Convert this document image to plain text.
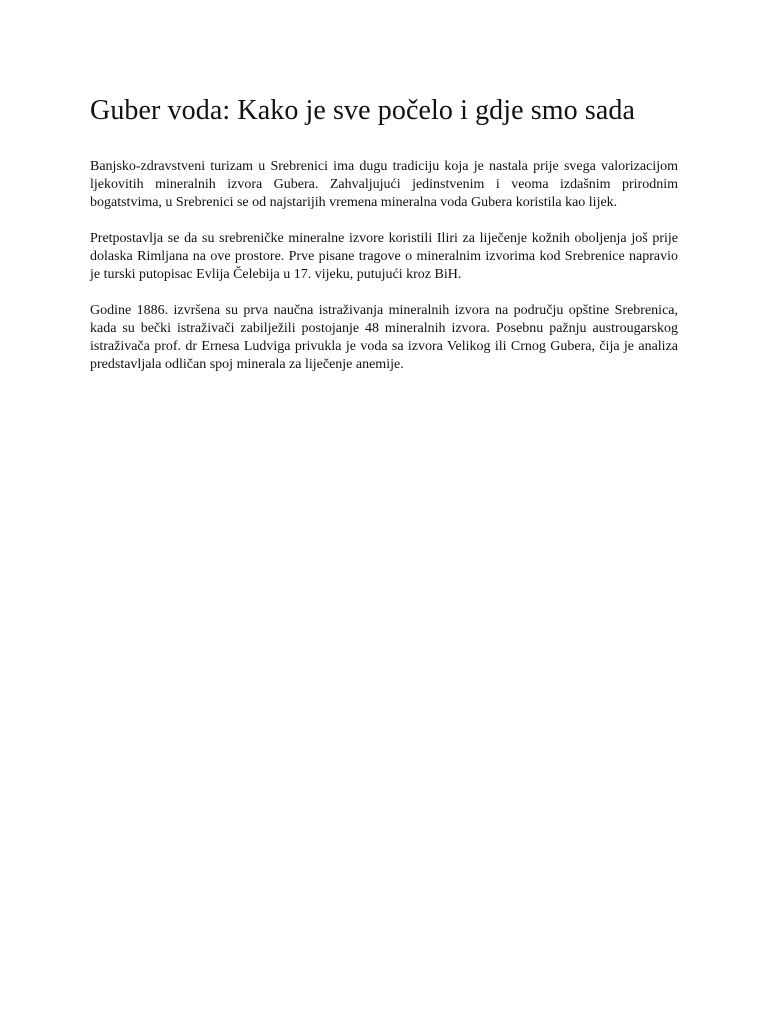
Guber voda: Kako je sve počelo i gdje smo sada

Banjsko-zdravstveni turizam u Srebrenici ima dugu tradiciju koja je nastala prije svega valorizacijom ljekovitih mineralnih izvora Gubera. Zahvaljujući jedinstvenim i veoma izdašnim prirodnim bogatstvima, u Srebrenici se od najstarijih vremena mineralna voda Gubera koristila kao lijek.

Pretpostavlja se da su srebreničke mineralne izvore koristili Iliri za liječenje kožnih oboljenja još prije dolaska Rimljana na ove prostore. Prve pisane tragove o mineralnim izvorima kod Srebrenice napravio je turski putopisac Evlija Čelebija u 17. vijeku, putujući kroz BiH.

Godine 1886. izvršena su prva naučna istraživanja mineralnih izvora na području opštine Srebrenica, kada su bečki istraživači zabilježili postojanje 48 mineralnih izvora. Posebnu pažnju austrougarskog istraživača prof. dr Ernesa Ludviga privukla je voda sa izvora Velikog ili Crnog Gubera, čija je analiza predstavljala odličan spoj minerala za liječenje anemije.
